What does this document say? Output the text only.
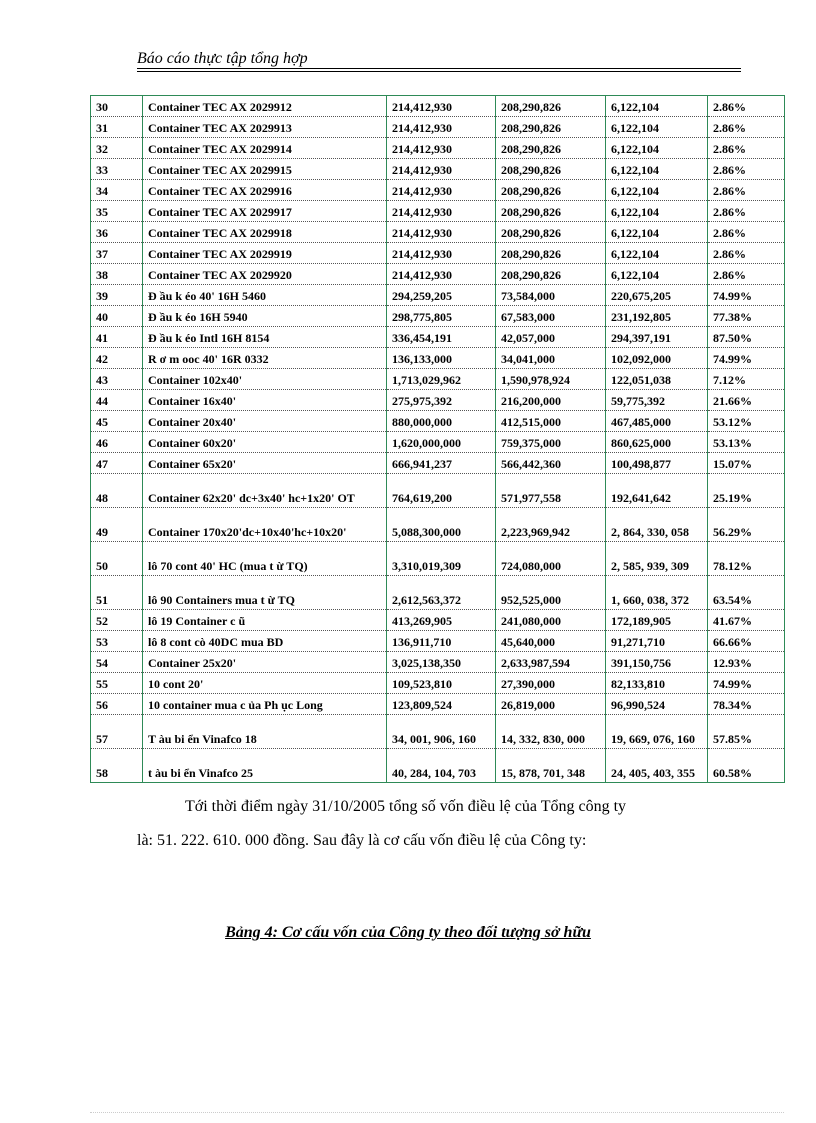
Báo cáo thực tập tổng hợp
30	Container TEC AX 2029912	214,412,930	208,290,826	6,122,104	2.86%
31	Container TEC AX 2029913	214,412,930	208,290,826	6,122,104	2.86%
32	Container TEC AX 2029914	214,412,930	208,290,826	6,122,104	2.86%
33	Container TEC AX 2029915	214,412,930	208,290,826	6,122,104	2.86%
34	Container TEC AX 2029916	214,412,930	208,290,826	6,122,104	2.86%
35	Container TEC AX 2029917	214,412,930	208,290,826	6,122,104	2.86%
36	Container TEC AX 2029918	214,412,930	208,290,826	6,122,104	2.86%
37	Container TEC AX 2029919	214,412,930	208,290,826	6,122,104	2.86%
38	Container TEC AX 2029920	214,412,930	208,290,826	6,122,104	2.86%
39	Đ ầu k éo 40' 16H 5460	294,259,205	73,584,000	220,675,205	74.99%
40	Đ ầu k éo 16H 5940	298,775,805	67,583,000	231,192,805	77.38%
41	Đ ầu k éo Intl 16H 8154	336,454,191	42,057,000	294,397,191	87.50%
42	R ơ m ooc 40' 16R 0332	136,133,000	34,041,000	102,092,000	74.99%
43	Container 102x40'	1,713,029,962	1,590,978,924	122,051,038	7.12%
44	Container 16x40'	275,975,392	216,200,000	59,775,392	21.66%
45	Container 20x40'	880,000,000	412,515,000	467,485,000	53.12%
46	Container 60x20'	1,620,000,000	759,375,000	860,625,000	53.13%
47	Container 65x20'	666,941,237	566,442,360	100,498,877	15.07%
48	Container 62x20' dc+3x40' hc+1x20' OT	764,619,200	571,977,558	192,641,642	25.19%
49	Container 170x20'dc+10x40'hc+10x20'	5,088,300,000	2,223,969,942	2, 864, 330, 058	56.29%
50	lô 70 cont 40' HC (mua t ừ TQ)	3,310,019,309	724,080,000	2, 585, 939, 309	78.12%
51	lô 90 Containers mua t ừ TQ	2,612,563,372	952,525,000	1, 660, 038, 372	63.54%
52	lô 19 Container c ũ	413,269,905	241,080,000	172,189,905	41.67%
53	lô 8 cont cò 40DC mua BD	136,911,710	45,640,000	91,271,710	66.66%
54	Container 25x20'	3,025,138,350	2,633,987,594	391,150,756	12.93%
55	10 cont 20'	109,523,810	27,390,000	82,133,810	74.99%
56	10 container mua c ủa Ph ục Long	123,809,524	26,819,000	96,990,524	78.34%
57	T àu bi ển Vinafco 18	34, 001, 906, 160	14, 332, 830, 000	19, 669, 076, 160	57.85%
58	t àu bi ển Vinafco 25	40, 284, 104, 703	15, 878, 701, 348	24, 405, 403, 355	60.58%
Tới thời điểm ngày 31/10/2005 tổng số vốn điều lệ của Tổng công ty
là: 51. 222. 610. 000 đồng. Sau đây là cơ cấu vốn điều lệ của Công ty:
Bảng 4: Cơ cấu vốn của Công ty theo đối tượng sở hữu
